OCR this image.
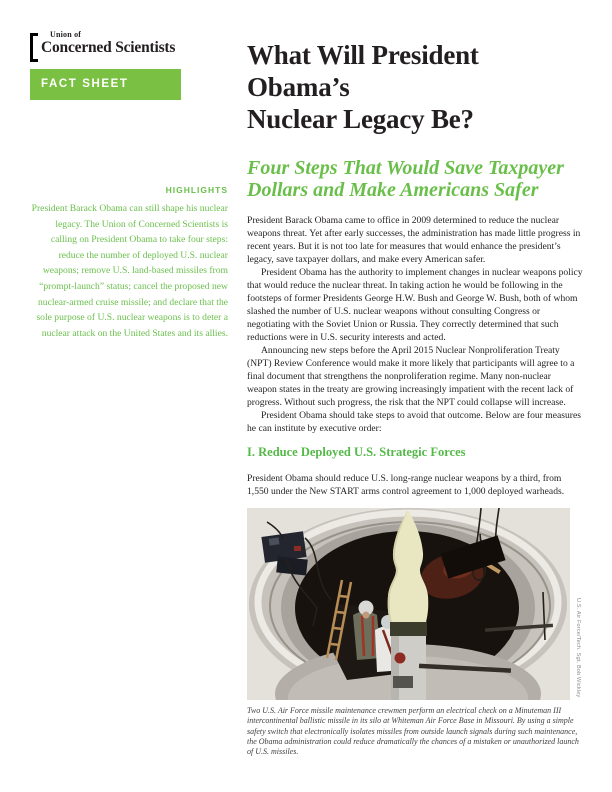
Union of
Concerned Scientists
FACT SHEET
HIGHLIGHTS
President Barack Obama can still shape his nuclear legacy. The Union of Concerned Scientists is calling on President Obama to take four steps: reduce the number of deployed U.S. nuclear weapons; remove U.S. land-based missiles from “prompt-launch” status; cancel the proposed new nuclear-armed cruise missile; and declare that the sole purpose of U.S. nuclear weapons is to deter a nuclear attack on the United States and its allies.
What Will President Obama’s
Nuclear Legacy Be?
Four Steps That Would Save Taxpayer
Dollars and Make Americans Safer

President Barack Obama came to office in 2009 determined to reduce the nuclear weapons threat. Yet after early successes, the administration has made little progress in recent years. But it is not too late for measures that would enhance the president’s legacy, save taxpayer dollars, and make every American safer.

President Obama has the authority to implement changes in nuclear weapons policy that would reduce the nuclear threat. In taking action he would be following in the footsteps of former Presidents George H.W. Bush and George W. Bush, both of whom slashed the number of U.S. nuclear weapons without consulting Congress or negotiating with the Soviet Union or Russia. They correctly determined that such reductions were in U.S. security interests and acted.

Announcing new steps before the April 2015 Nuclear Nonproliferation Treaty (NPT) Review Conference would make it more likely that participants will agree to a final document that strengthens the nonproliferation regime. Many non-nuclear weapon states in the treaty are growing increasingly impatient with the recent lack of progress. Without such progress, the risk that the NPT could collapse will increase.

President Obama should take steps to avoid that outcome. Below are four measures he can institute by executive order:

I. Reduce Deployed U.S. Strategic Forces
President Obama should reduce U.S. long-range nuclear weapons by a third, from 1,550 under the New START arms control agreement to 1,000 deployed warheads.
U.S. Air Force/Tech. Sgt. Bob Wickley
Two U.S. Air Force missile maintenance crewmen perform an electrical check on a Minuteman III intercontinental ballistic missile in its silo at Whiteman Air Force Base in Missouri. By using a simple safety switch that electronically isolates missiles from outside launch signals during such maintenance, the Obama administration could reduce dramatically the chances of a mistaken or unauthorized launch of U.S. missiles.
